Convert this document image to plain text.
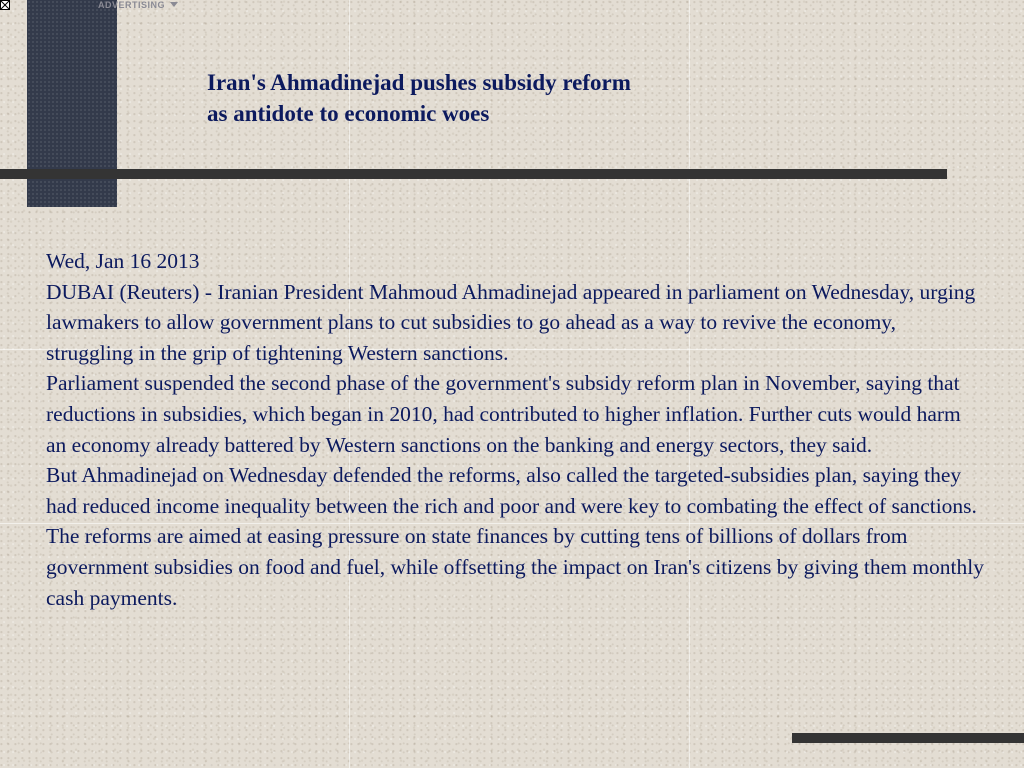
ADVERTISING
Iran's Ahmadinejad pushes subsidy reform
as antidote to economic woes

Wed, Jan 16 2013

DUBAI (Reuters) - Iranian President Mahmoud Ahmadinejad appeared in parliament on Wednesday, urging lawmakers to allow government plans to cut subsidies to go ahead as a way to revive the economy, struggling in the grip of tightening Western sanctions.

Parliament suspended the second phase of the government's subsidy reform plan in November, saying that reductions in subsidies, which began in 2010, had contributed to higher inflation. Further cuts would harm an economy already battered by Western sanctions on the banking and energy sectors, they said.

But Ahmadinejad on Wednesday defended the reforms, also called the targeted-subsidies plan, saying they had reduced income inequality between the rich and poor and were key to combating the effect of sanctions.

The reforms are aimed at easing pressure on state finances by cutting tens of billions of dollars from government subsidies on food and fuel, while offsetting the impact on Iran's citizens by giving them monthly cash payments.
